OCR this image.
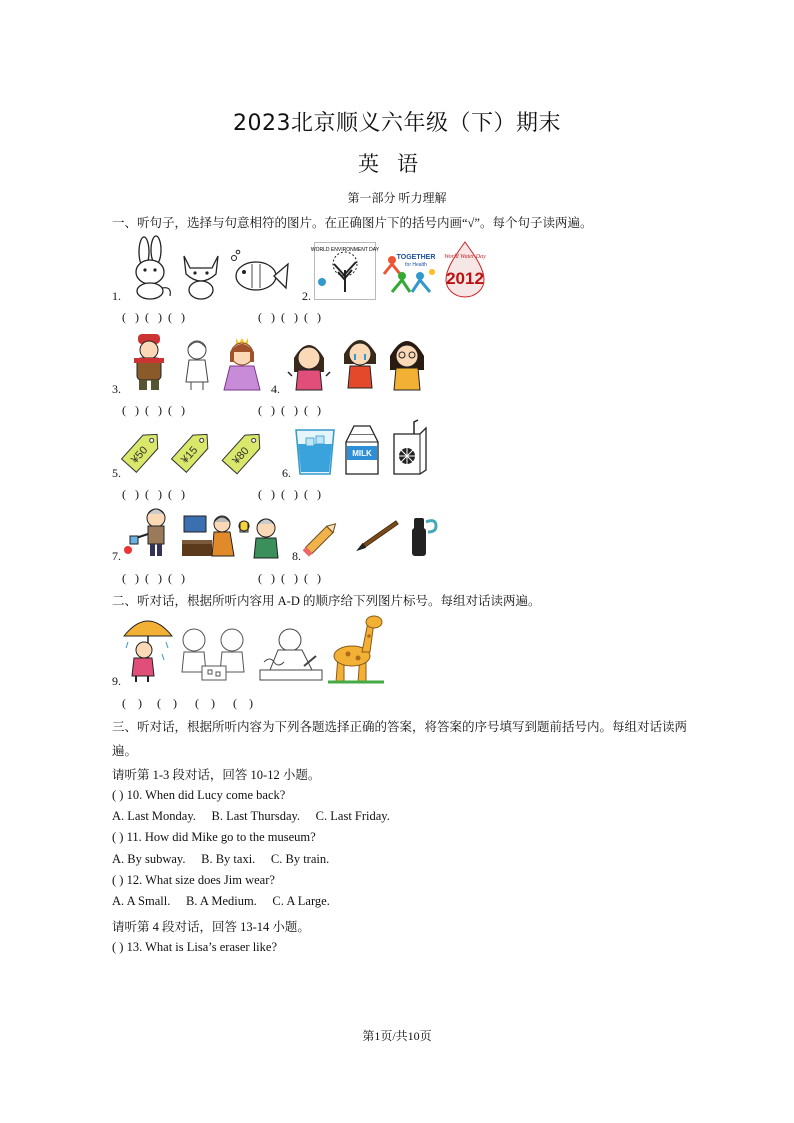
2023北京顺义六年级（下）期末
英语
第一部分 听力理解
一、听句子，选择与句意相符的图片。在正确图片下的括号内画“√”。每个句子读两遍。
1.	2.
WORLD ENVIRONMENT DAY
TOGETHER
for Health
World Water Day
2012
(   )  (   )  (   )	(   )  (   )  (   )
3.	4.
(   )  (   )  (   )	(   )  (   )  (   )
5.
¥50	¥15	¥80
6.
MILK
(   )  (   )  (   )	(   )  (   )  (   )
7.	8.
(   )  (   )  (   )	(   )  (   )  (   )
二、听对话，根据所听内容用 A-D 的顺序给下列图片标号。每组对话读两遍。
9.
(    )     (    )      (    )      (    )
三、听对话，根据所听内容为下列各题选择正确的答案，将答案的序号填写到题前括号内。每组对话读两
遍。
请听第 1-3 段对话，回答 10-12 小题。
( ) 10. When did Lucy come back?
A. Last Monday.     B. Last Thursday.     C. Last Friday.
( ) 11. How did Mike go to the museum?
A. By subway.     B. By taxi.     C. By train.
( ) 12. What size does Jim wear?
A. A Small.     B. A Medium.     C. A Large.
请听第 4 段对话，回答 13-14 小题。
( ) 13. What is Lisa’s eraser like?
第1页/共10页
